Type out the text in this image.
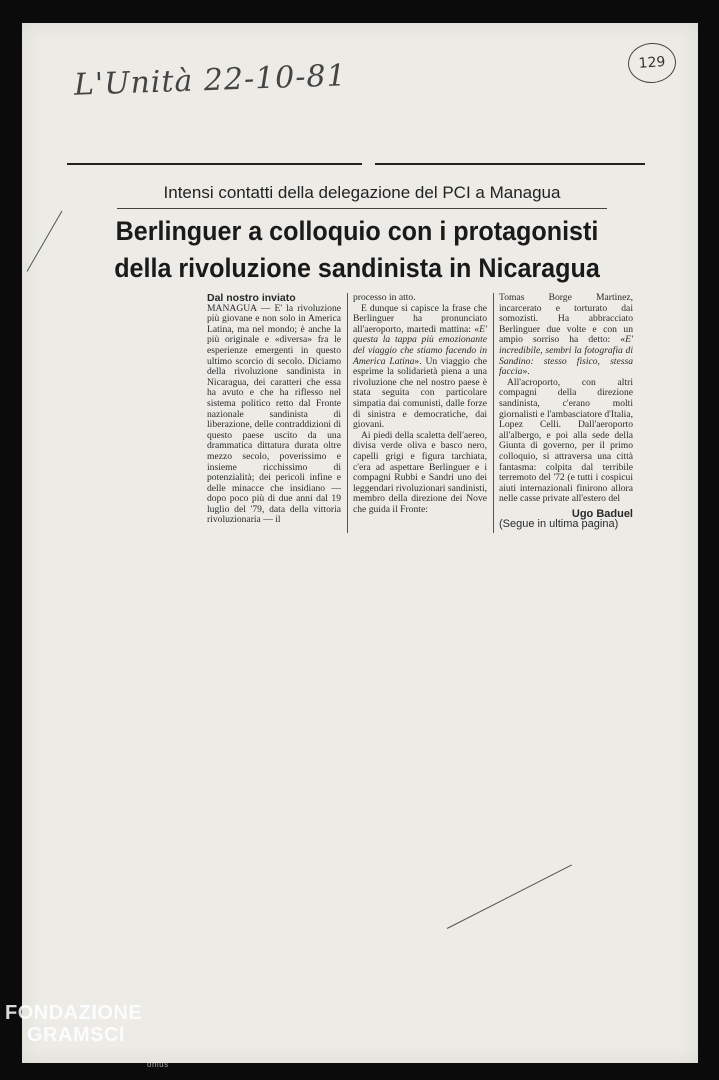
L'Unità 22-10-81	129
Intensi contatti della delegazione del PCI a Managua
Berlinguer a colloquio con i protagonisti
della rivoluzione sandinista in Nicaragua

Dal nostro inviato

MANAGUA — E' la rivoluzione più giovane e non solo in America Latina, ma nel mondo; è anche la più originale e «diversa» fra le esperienze emergenti in questo ultimo scorcio di secolo. Diciamo della rivoluzione sandinista in Nicaragua, dei caratteri che essa ha avuto e che ha riflesso nel sistema politico retto dal Fronte nazionale sandinista di liberazione, delle contraddizioni di questo paese uscito da una drammatica dittatura durata oltre mezzo secolo, poverissimo e insieme ricchissimo di potenzialità; dei pericoli infine e delle minacce che insidiano — dopo poco più di due anni dal 19 luglio del '79, data della vittoria rivoluzionaria — il

processo in atto.

E dunque si capisce la frase che Berlinguer ha pronunciato all'aeroporto, martedì mattina: «E' questa la tappa più emozionante del viaggio che stiamo facendo in America Latina». Un viaggio che esprime la solidarietà piena a una rivoluzione che nel nostro paese è stata seguita con particolare simpatia dai comunisti, dalle forze di sinistra e democratiche, dai giovani.

Ai piedi della scaletta dell'aereo, divisa verde oliva e basco nero, capelli grigi e figura tarchiata, c'era ad aspettare Berlinguer e i compagni Rubbi e Sandri uno dei leggendari rivoluzionari sandinisti, membro della direzione dei Nove che guida il Fronte:

Tomas Borge Martinez, incarcerato e torturato dai somozisti. Ha abbracciato Berlinguer due volte e con un ampio sorriso ha detto: «E' incredibile, sembri la fotografia di Sandino: stesso fisico, stessa faccia».

All'acroporto, con altri compagni della direzione sandinista, c'erano molti giornalisti e l'ambasciatore d'Italia, Lopez Celli. Dall'aeroporto all'albergo, e poi alla sede della Giunta di governo, per il primo colloquio, si attraversa una città fantasma: colpita dal terribile terremoto del '72 (e tutti i cospicui aiuti internazionali finirono allora nelle casse private all'estero del

Ugo Baduel

(Segue in ultima pagina)

FONDAZIONE
GRAMSCI
onlus
